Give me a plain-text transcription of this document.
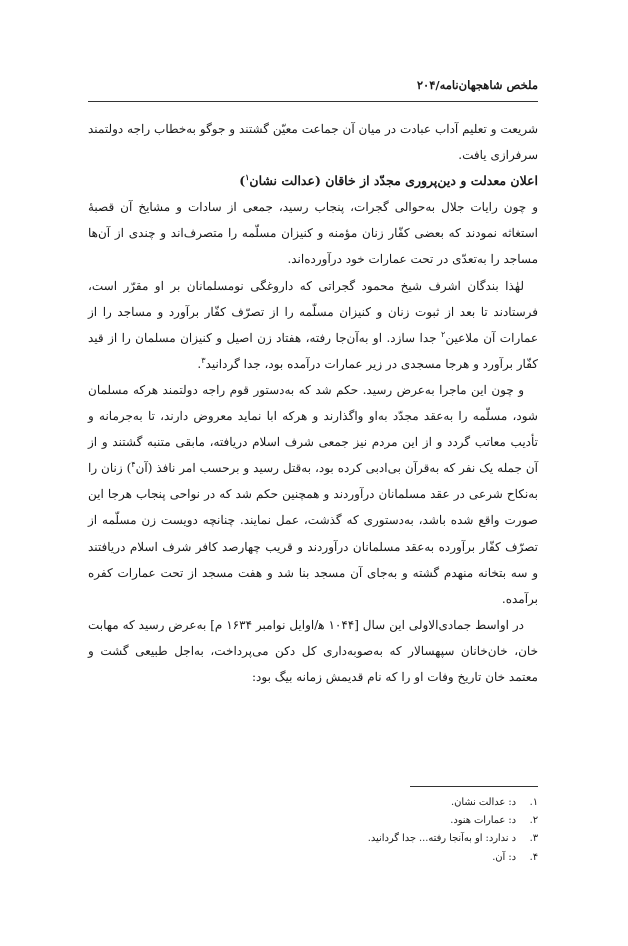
ملخص شاهجهان‌نامه/۲۰۴

شریعت و تعلیم آداب عبادت در میان آن جماعت معیّن گشتند و جوگو به‌خطاب راجه دولتمند سرفرازی یافت.

اعلان معدلت و دین‌پروری مجدّد از خاقان (عدالت نشان$^۱$)

و چون رایات جلال به‌حوالی گجرات، پنجاب رسید، جمعی از سادات و مشایخ آن قصبهٔ استغاثه نمودند که بعضی کفّار زنان مؤمنه و کنیزان مسلّمه را متصرف‌اند و چندی از آن‌ها مساجد را به‌تعدّی در تحت عمارات خود درآورده‌اند.

لهٰذا بندگان اشرف شیخ محمود گجراتی که داروغگی نومسلمانان بر او مقرّر است، فرستادند تا بعد از ثبوت زنان و کنیزان مسلّمه را از تصرّف کفّار برآورد و مساجد را از عمارات آن ملاعین$^۲$ جدا سازد. او به‌آن‌جا رفته، هفتاد زن اصیل و کنیزان مسلمان را از قید کفّار برآورد و هرجا مسجدی در زیر عمارات درآمده بود، جدا گردانید$^۳$.

و چون این ماجرا به‌عرض رسید. حکم شد که به‌دستور قوم راجه دولتمند هرکه مسلمان شود، مسلّمه را به‌عقد مجدّد به‌او واگذارند و هرکه ابا نماید معروض دارند، تا به‌جرمانه و تأدیب معاتب گردد و از این مردم نیز جمعی شرف اسلام دریافته، مابقی متنبه گشتند و از آن جمله یک نفر که به‌قرآن بی‌ادبی کرده بود، به‌قتل رسید و برحسب امر نافذ (آن$^۴$) زنان را به‌نکاح شرعی در عقد مسلمانان درآوردند و همچنین حکم شد که در نواحی پنجاب هرجا این صورت واقع شده باشد، به‌دستوری که گذشت، عمل نمایند. چنانچه دویست زن مسلّمه از تصرّف کفّار برآورده به‌عقد مسلمانان درآوردند و قریب چهارصد کافر شرف اسلام دریافتند و سه بتخانه منهدم گشته و به‌جای آن مسجد بنا شد و هفت مسجد از تحت عمارات کفره برآمده.

در اواسط جمادی‌الاولی این سال [۱۰۴۴ ﻫ/اوایل نوامبر ۱۶۳۴ م] به‌عرض رسید که مهابت خان، خان‌خانان سپهسالار که به‌صوبه‌داری کل دکن می‌پرداخت، به‌اجل طبیعی گشت و معتمد خان تاریخ وفات او را که نام قدیمش زمانه بیگ بود:

۱.
د: عدالت نشان.
۲.
د: عمارات هنود.
۳.
د ندارد: او به‌آنجا رفته... جدا گردانید.
۴.
د: آن.
